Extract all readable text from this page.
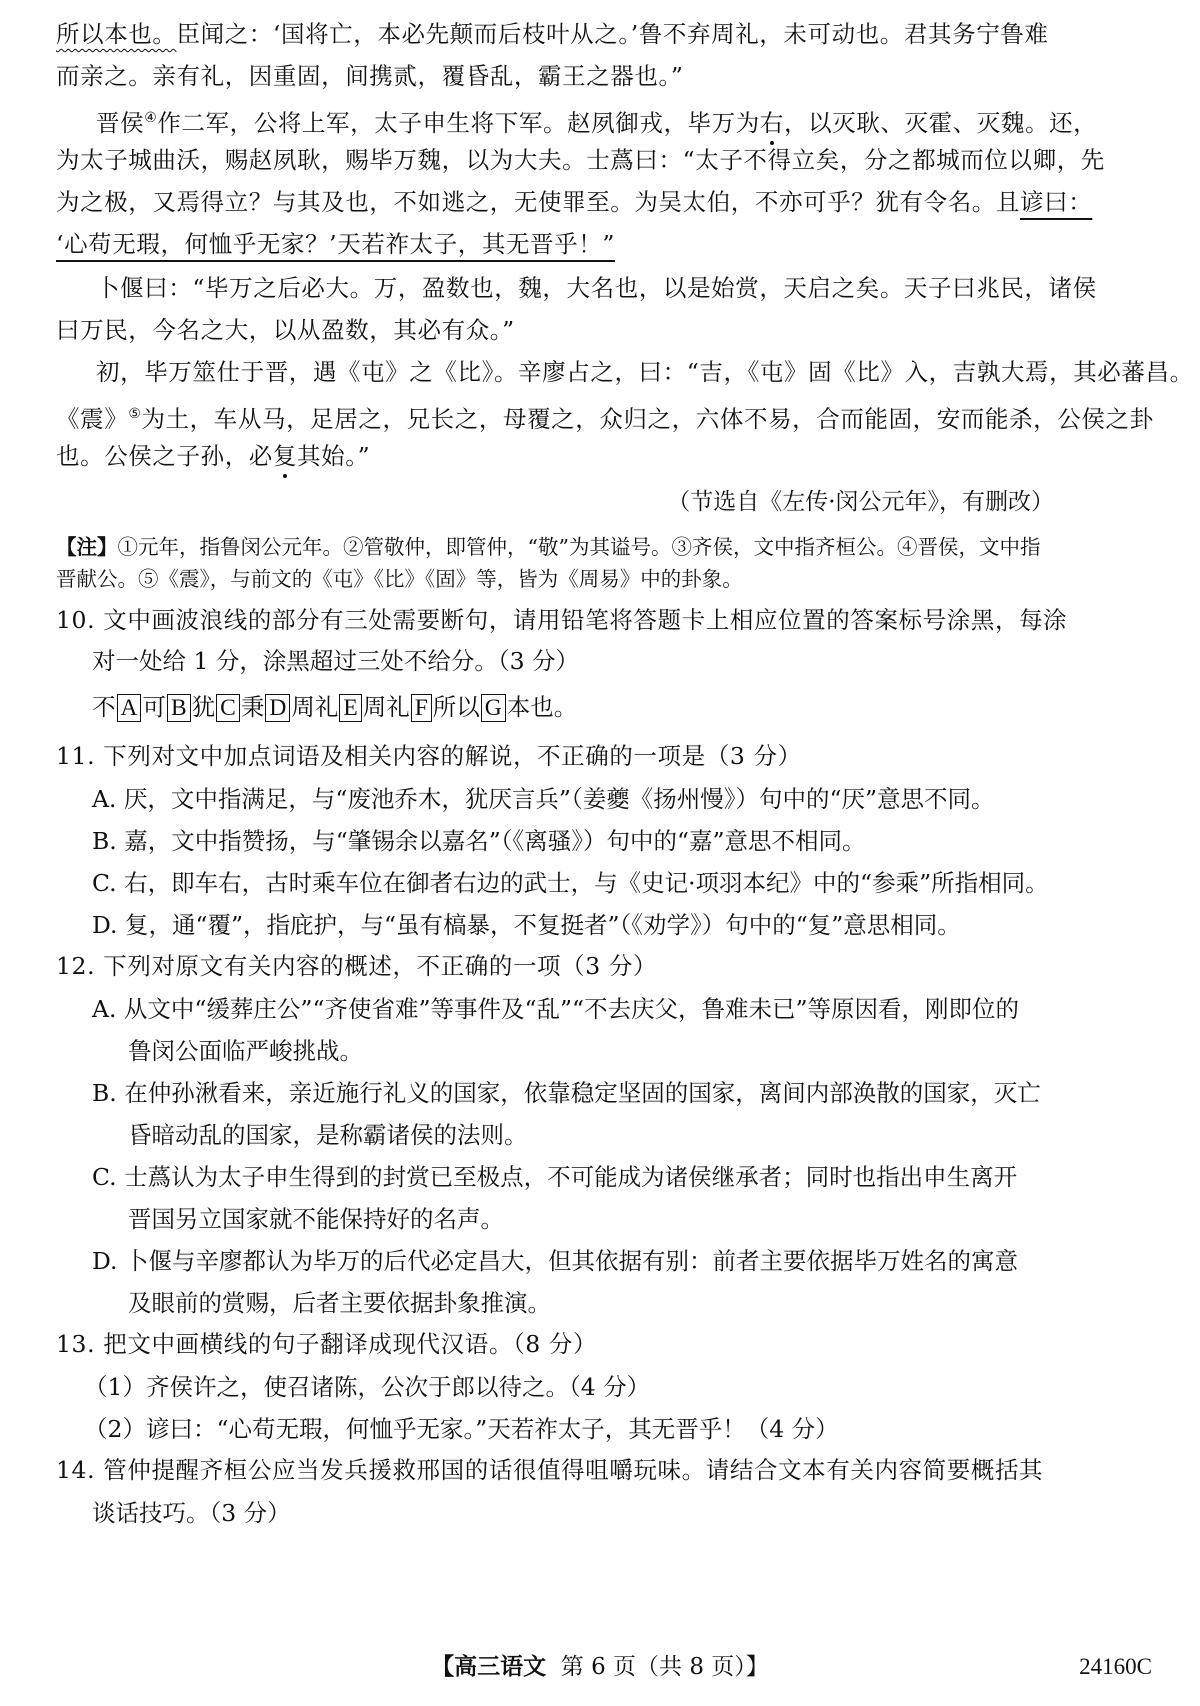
所以本也。臣闻之：‘国将亡，本必先颠而后枝叶从之。’鲁不弃周礼，未可动也。君其务宁鲁难
而亲之。亲有礼，因重固，间携贰，覆昏乱，霸王之器也。”
晋侯④作二军，公将上军，太子申生将下军。赵夙御戎，毕万为右，以灭耿、灭霍、灭魏。还，
为太子城曲沃，赐赵夙耿，赐毕万魏，以为大夫。士蔿曰：“太子不得立矣，分之都城而位以卿，先
为之极，又焉得立？与其及也，不如逃之，无使罪至。为吴太伯，不亦可乎？犹有令名。且谚曰：
‘心苟无瑕，何恤乎无家？’天若祚太子，其无晋乎！”
卜偃曰：“毕万之后必大。万，盈数也，魏，大名也，以是始赏，天启之矣。天子曰兆民，诸侯
曰万民，今名之大，以从盈数，其必有众。”
初，毕万筮仕于晋，遇《屯》之《比》。辛廖占之，曰：“吉，《屯》固《比》入，吉孰大焉，其必蕃昌。
《震》⑤为土，车从马，足居之，兄长之，母覆之，众归之，六体不易，合而能固，安而能杀，公侯之卦
也。公侯之子孙，必复其始。”
（节选自《左传·闵公元年》，有删改）
【注】①元年，指鲁闵公元年。②管敬仲，即管仲，“敬”为其谥号。③齐侯，文中指齐桓公。④晋侯，文中指
晋献公。⑤《震》，与前文的《屯》《比》《固》等，皆为《周易》中的卦象。
10. 文中画波浪线的部分有三处需要断句，请用铅笔将答题卡上相应位置的答案标号涂黑，每涂
对一处给 1 分，涂黑超过三处不给分。（3 分）
不 A 可 B 犹 C 秉 D 周礼 E 周礼 F 所以 G 本也。
11. 下列对文中加点词语及相关内容的解说，不正确的一项是（3 分）
A. 厌，文中指满足，与“废池乔木，犹厌言兵”（姜夔《扬州慢》）句中的“厌”意思不同。
B. 嘉，文中指赞扬，与“肇锡余以嘉名”（《离骚》）句中的“嘉”意思不相同。
C. 右，即车右，古时乘车位在御者右边的武士，与《史记·项羽本纪》中的“参乘”所指相同。
D. 复，通“覆”，指庇护，与“虽有槁暴，不复挺者”（《劝学》）句中的“复”意思相同。
12. 下列对原文有关内容的概述，不正确的一项（3 分）
A. 从文中“缓葬庄公”“齐使省难”等事件及“乱”“不去庆父，鲁难未已”等原因看，刚即位的
鲁闵公面临严峻挑战。
B. 在仲孙湫看来，亲近施行礼义的国家，依靠稳定坚固的国家，离间内部涣散的国家，灭亡
昏暗动乱的国家，是称霸诸侯的法则。
C. 士蔿认为太子申生得到的封赏已至极点，不可能成为诸侯继承者；同时也指出申生离开
晋国另立国家就不能保持好的名声。
D. 卜偃与辛廖都认为毕万的后代必定昌大，但其依据有别：前者主要依据毕万姓名的寓意
及眼前的赏赐，后者主要依据卦象推演。
13. 把文中画横线的句子翻译成现代汉语。（8 分）
（1）齐侯许之，使召诸陈，公次于郎以待之。（4 分）
（2）谚曰：“心苟无瑕，何恤乎无家。”天若祚太子，其无晋乎！（4 分）
14. 管仲提醒齐桓公应当发兵援救邢国的话很值得咀嚼玩味。请结合文本有关内容简要概括其
谈话技巧。（3 分）
【高三语文 第 6 页（共 8 页）】	24160C
